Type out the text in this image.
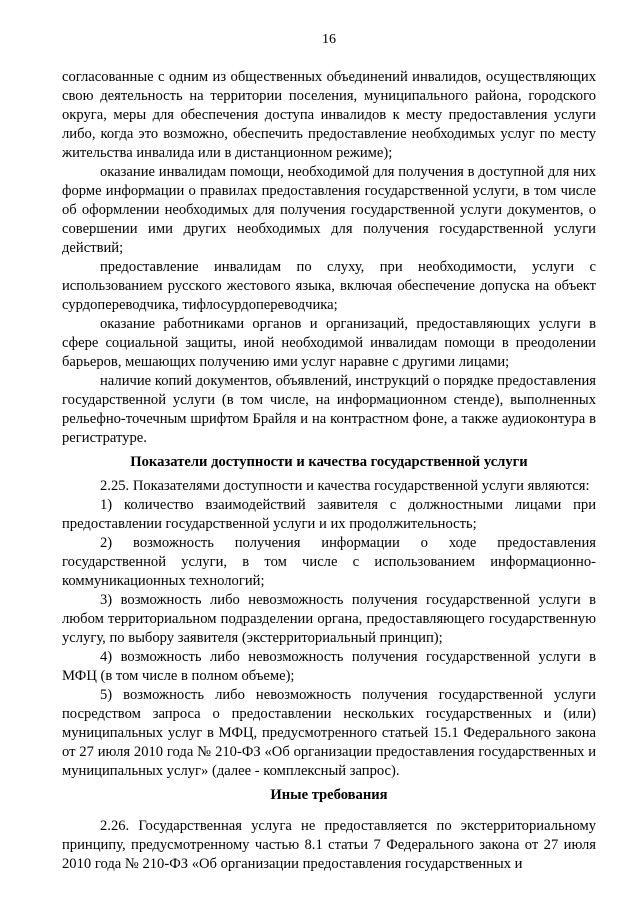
16

согласованные с одним из общественных объединений инвалидов, осуществляющих свою деятельность на территории поселения, муниципального района, городского округа, меры для обеспечения доступа инвалидов к месту предоставления услуги либо, когда это возможно, обеспечить предоставление необходимых услуг по месту жительства инвалида или в дистанционном режиме);

оказание инвалидам помощи, необходимой для получения в доступной для них форме информации о правилах предоставления государственной услуги, в том числе об оформлении необходимых для получения государственной услуги документов, о совершении ими других необходимых для получения государственной услуги действий;

предоставление инвалидам по слуху, при необходимости, услуги с использованием русского жестового языка, включая обеспечение допуска на объект сурдопереводчика, тифлосурдопереводчика;

оказание работниками органов и организаций, предоставляющих услуги в сфере социальной защиты, иной необходимой инвалидам помощи в преодолении барьеров, мешающих получению ими услуг наравне с другими лицами;

наличие копий документов, объявлений, инструкций о порядке предоставления государственной услуги (в том числе, на информационном стенде), выполненных рельефно-точечным шрифтом Брайля и на контрастном фоне, а также аудиоконтура в регистратуре.

Показатели доступности и качества государственной услуги

2.25. Показателями доступности и качества государственной услуги являются:

1) количество взаимодействий заявителя с должностными лицами при предоставлении государственной услуги и их продолжительность;

2) возможность получения информации о ходе предоставления государственной услуги, в том числе с использованием информационно-коммуникационных технологий;

3) возможность либо невозможность получения государственной услуги в любом территориальном подразделении органа, предоставляющего государственную услугу, по выбору заявителя (экстерриториальный принцип);

4) возможность либо невозможность получения государственной услуги в МФЦ (в том числе в полном объеме);

5) возможность либо невозможность получения государственной услуги посредством запроса о предоставлении нескольких государственных и (или) муниципальных услуг в МФЦ, предусмотренного статьей 15.1 Федерального закона от 27 июля 2010 года № 210-ФЗ «Об организации предоставления государственных и муниципальных услуг» (далее - комплексный запрос).

Иные требования

2.26. Государственная услуга не предоставляется по экстерриториальному принципу, предусмотренному частью 8.1 статьи 7 Федерального закона от 27 июля 2010 года № 210-ФЗ «Об организации предоставления государственных и
